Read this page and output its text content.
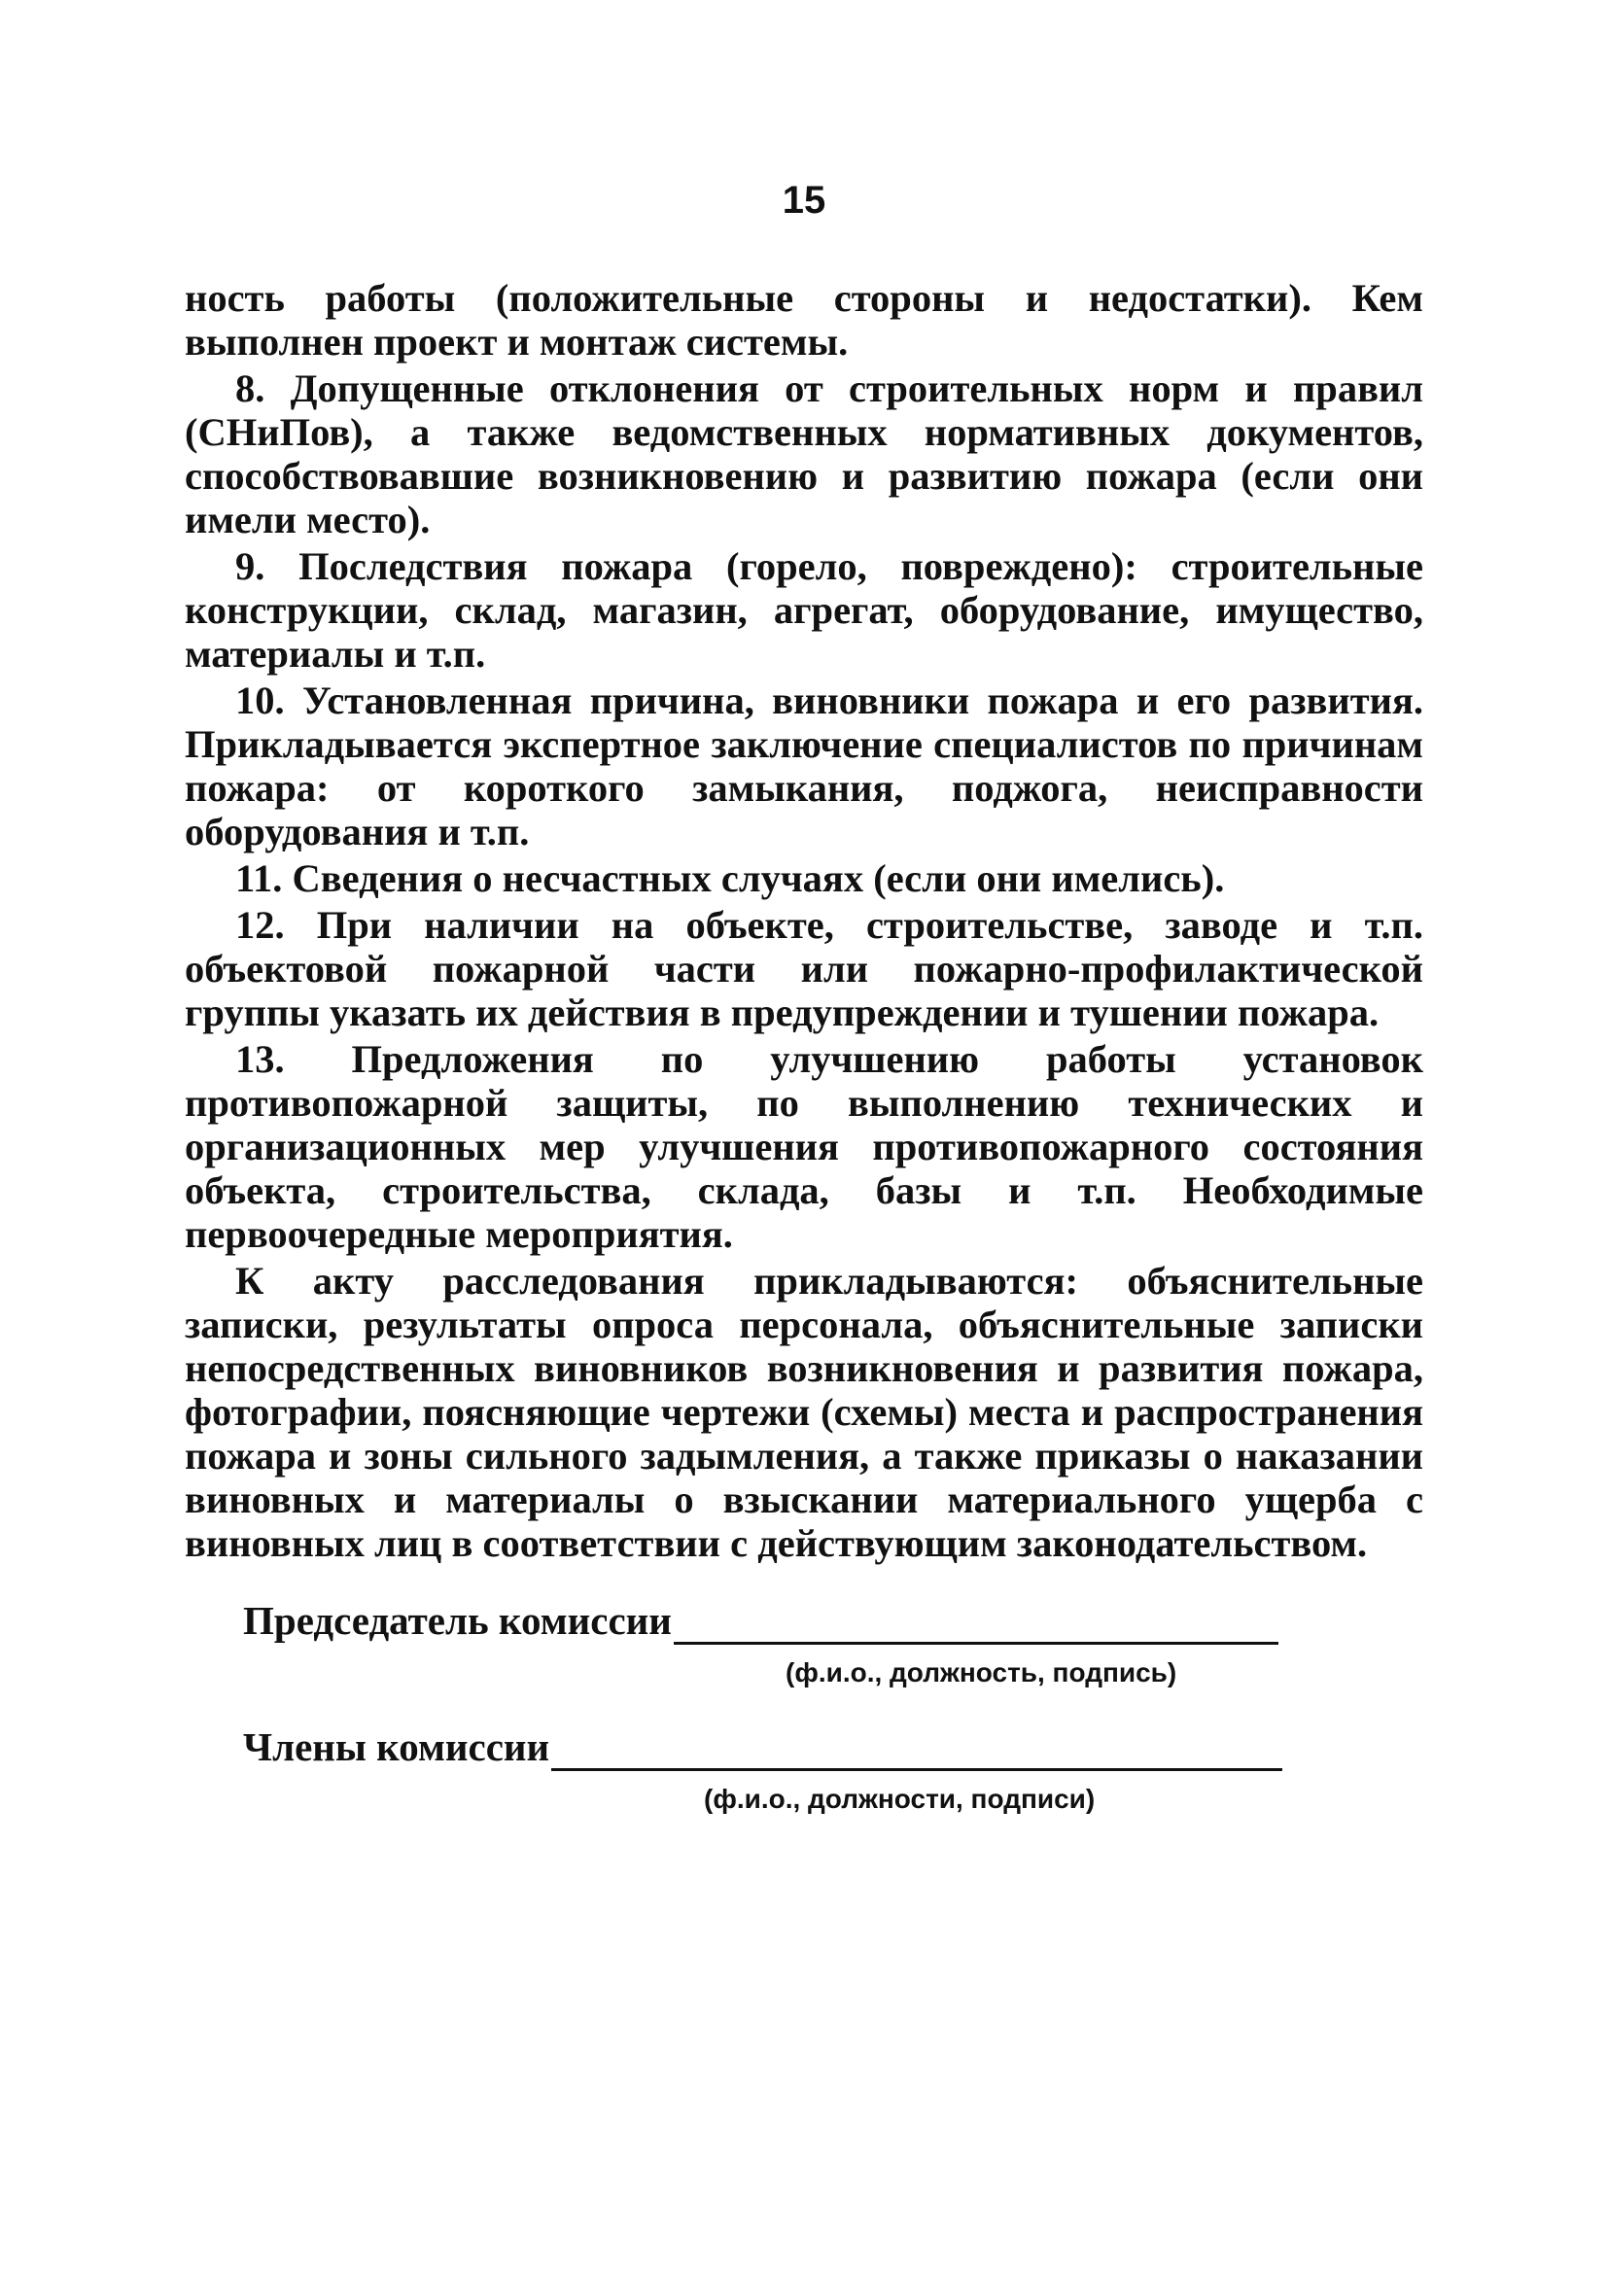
15

ность работы (положительные стороны и недостатки). Кем выполнен проект и монтаж системы.

8. Допущенные отклонения от строительных норм и правил (СНиПов), а также ведомственных нормативных документов, способствовавшие возникновению и развитию пожара (если они имели место).

9. Последствия пожара (горело, повреждено): строительные конструкции, склад, магазин, агрегат, оборудование, имущество, материалы и т.п.

10. Установленная причина, виновники пожара и его развития. Прикладывается экспертное заключение специалистов по причинам пожара: от короткого замыкания, поджога, неисправности оборудования и т.п.

11. Сведения о несчастных случаях (если они имелись).

12. При наличии на объекте, строительстве, заводе и т.п. объектовой пожарной части или пожарно-профилактической группы указать их действия в предупреждении и тушении пожара.

13. Предложения по улучшению работы установок противопожарной защиты, по выполнению технических и организационных мер улучшения противопожарного состояния объекта, строительства, склада, базы и т.п. Необходимые первоочередные мероприятия.

К акту расследования прикладываются: объяснительные записки, результаты опроса персонала, объяснительные записки непосредственных виновников возникновения и развития пожара, фотографии, поясняющие чертежи (схемы) места и распространения пожара и зоны сильного задымления, а также приказы о наказании виновных и материалы о взыскании материального ущерба с виновных лиц в соответствии с действующим законодательством.

Председатель комиссии
(ф.и.о., должность, подпись)
Члены комиссии
(ф.и.о., должности, подписи)
